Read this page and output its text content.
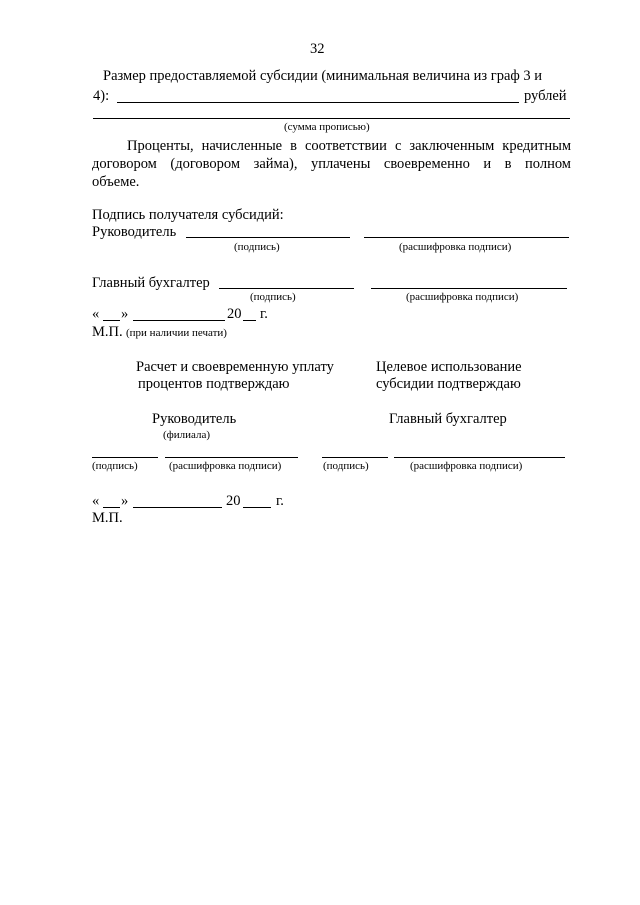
32
Размер предоставляемой субсидии (минимальная величина из граф 3 и
4):	рублей
(сумма прописью)
Проценты, начисленные в соответствии с заключенным кредитным
договором (договором займа), уплачены своевременно и в полном
объеме.
Подпись получателя субсидий:
Руководитель
(подпись)	(расшифровка подписи)
Главный бухгалтер
(подпись)	(расшифровка подписи)
« »	20 г.
М.П. (при наличии печати)
Расчет и своевременную уплату
процентов подтверждаю
Целевое использование
субсидии подтверждаю
Руководитель
(филиала)
Главный бухгалтер
(подпись)	(расшифровка подписи)	(подпись)	(расшифровка подписи)
« »	20 г.
М.П.
